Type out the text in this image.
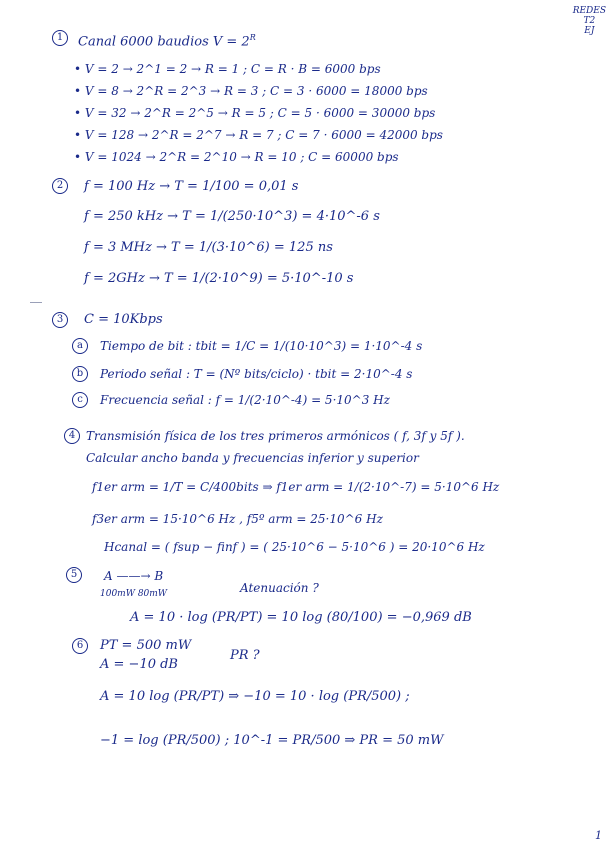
REDES
T2
EJ
1	Canal 6000 baudios $V = 2^R$
• V = 2 → 2^1 = 2 → R = 1 ; C = R · B = 6000 bps
• V = 8 → 2^R = 2^3 → R = 3 ; C = 3 · 6000 = 18000 bps
• V = 32 → 2^R = 2^5 → R = 5 ; C = 5 · 6000 = 30000 bps
• V = 128 → 2^R = 2^7 → R = 7 ; C = 7 · 6000 = 42000 bps
• V = 1024 → 2^R = 2^10 → R = 10 ; C = 60000 bps
2	f = 100 Hz → T = 1/100 = 0,01 s
f = 250 kHz → T = 1/(250·10^3) = 4·10^-6 s
f = 3 MHz → T = 1/(3·10^6) = 125 ns
f = 2GHz → T = 1/(2·10^9) = 5·10^-10 s
3	C = 10Kbps
a	Tiempo de bit : tbit = 1/C = 1/(10·10^3) = 1·10^-4 s
b	Periodo señal : T = (Nº bits/ciclo) · tbit = 2·10^-4 s
c	Frecuencia señal : f = 1/(2·10^-4) = 5·10^3 Hz
4 Transmisión física de los tres primeros armónicos ( f, 3f y 5f ).
Calcular ancho banda y frecuencias inferior y superior
f1er arm = 1/T = C/400bits ⇒ f1er arm = 1/(2·10^-7) = 5·10^6 Hz
f3er arm = 15·10^6 Hz , f5º arm = 25·10^6 Hz
Hcanal = ( fsup − finf ) = ( 25·10^6 − 5·10^6 ) = 20·10^6 Hz
5	A ——→ B
100mW 80mW	Atenuación ?
A = 10 · log (PR/PT) = 10 log (80/100) = −0,969 dB
6	PT = 500 mW
PR ?
A = −10 dB
A = 10 log (PR/PT) ⇒ −10 = 10 · log (PR/500) ;
−1 = log (PR/500) ; 10^-1 = PR/500 ⇒ PR = 50 mW
1
